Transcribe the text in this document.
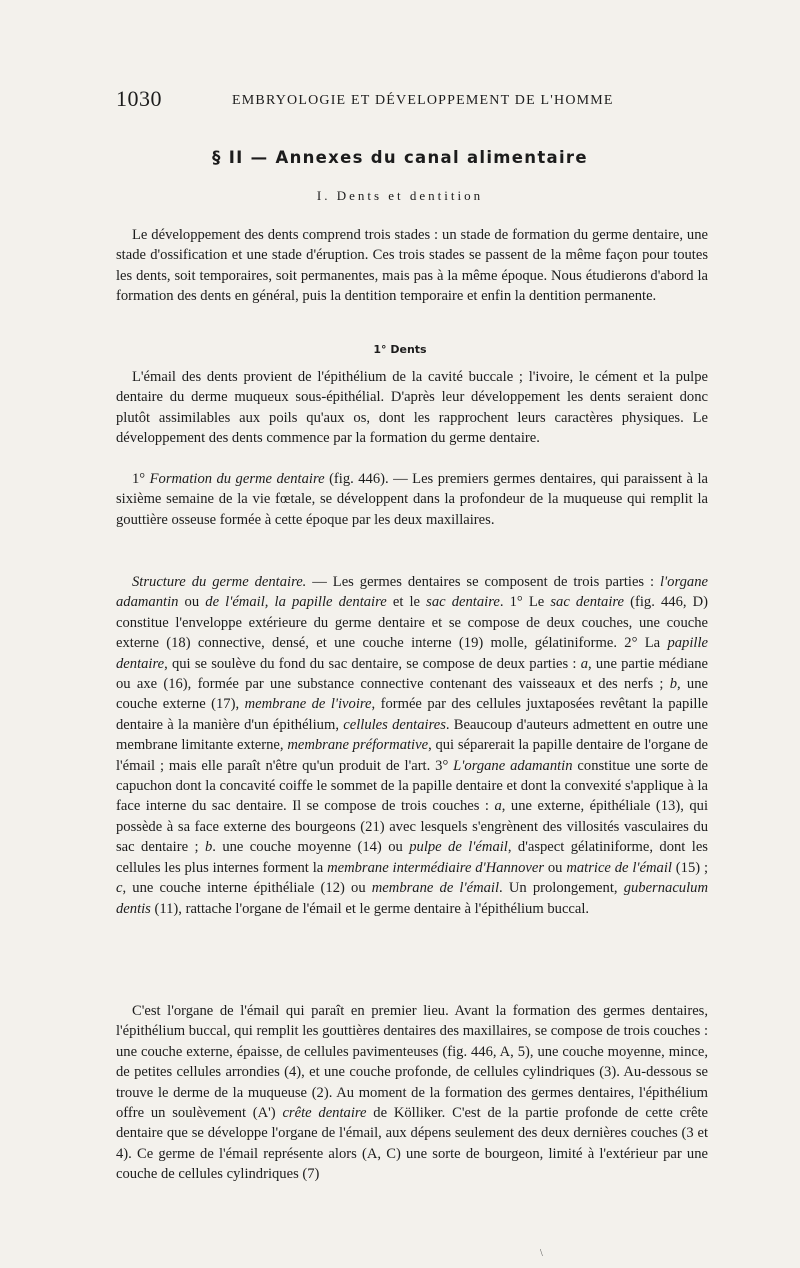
1030	EMBRYOLOGIE ET DÉVELOPPEMENT DE L'HOMME
§ II — Annexes du canal alimentaire
I. Dents et dentition

Le développement des dents comprend trois stades : un stade de formation du germe dentaire, une stade d'ossification et une stade d'éruption. Ces trois stades se passent de la même façon pour toutes les dents, soit temporaires, soit permanentes, mais pas à la même époque. Nous étudierons d'abord la formation des dents en général, puis la dentition temporaire et enfin la dentition permanente.

1° Dents

L'émail des dents provient de l'épithélium de la cavité buccale ; l'ivoire, le cément et la pulpe dentaire du derme muqueux sous-épithélial. D'après leur développement les dents seraient donc plutôt assimilables aux poils qu'aux os, dont les rapprochent leurs caractères physiques. Le développement des dents commence par la formation du germe dentaire.

1° Formation du germe dentaire (fig. 446). — Les premiers germes dentaires, qui paraissent à la sixième semaine de la vie fœtale, se développent dans la profondeur de la muqueuse qui remplit la gouttière osseuse formée à cette époque par les deux maxillaires.

Structure du germe dentaire. — Les germes dentaires se composent de trois parties : l'organe adamantin ou de l'émail, la papille dentaire et le sac dentaire. 1° Le sac dentaire (fig. 446, D) constitue l'enveloppe extérieure du germe dentaire et se compose de deux couches, une couche externe (18) connective, densé, et une couche interne (19) molle, gélatiniforme. 2° La papille dentaire, qui se soulève du fond du sac dentaire, se compose de deux parties : a, une partie médiane ou axe (16), formée par une substance connective contenant des vaisseaux et des nerfs ; b, une couche externe (17), membrane de l'ivoire, formée par des cellules juxtaposées revêtant la papille dentaire à la manière d'un épithélium, cellules dentaires. Beaucoup d'auteurs admettent en outre une membrane limitante externe, membrane préformative, qui séparerait la papille dentaire de l'organe de l'émail ; mais elle paraît n'être qu'un produit de l'art. 3° L'organe adamantin constitue une sorte de capuchon dont la concavité coiffe le sommet de la papille dentaire et dont la convexité s'applique à la face interne du sac dentaire. Il se compose de trois couches : a, une externe, épithéliale (13), qui possède à sa face externe des bourgeons (21) avec lesquels s'engrènent des villosités vasculaires du sac dentaire ; b. une couche moyenne (14) ou pulpe de l'émail, d'aspect gélatiniforme, dont les cellules les plus internes forment la membrane intermédiaire d'Hannover ou matrice de l'émail (15) ; c, une couche interne épithéliale (12) ou membrane de l'émail. Un prolongement, gubernaculum dentis (11), rattache l'organe de l'émail et le germe dentaire à l'épithélium buccal.

C'est l'organe de l'émail qui paraît en premier lieu. Avant la formation des germes dentaires, l'épithélium buccal, qui remplit les gouttières dentaires des maxillaires, se compose de trois couches : une couche externe, épaisse, de cellules pavimenteuses (fig. 446, A, 5), une couche moyenne, mince, de petites cellules arrondies (4), et une couche profonde, de cellules cylindriques (3). Au-dessous se trouve le derme de la muqueuse (2). Au moment de la formation des germes dentaires, l'épithélium offre un soulèvement (A') crête dentaire de Kölliker. C'est de la partie profonde de cette crête dentaire que se développe l'organe de l'émail, aux dépens seulement des deux dernières couches (3 et 4). Ce germe de l'émail représente alors (A, C) une sorte de bourgeon, limité à l'extérieur par une couche de cellules cylindriques (7)

\
